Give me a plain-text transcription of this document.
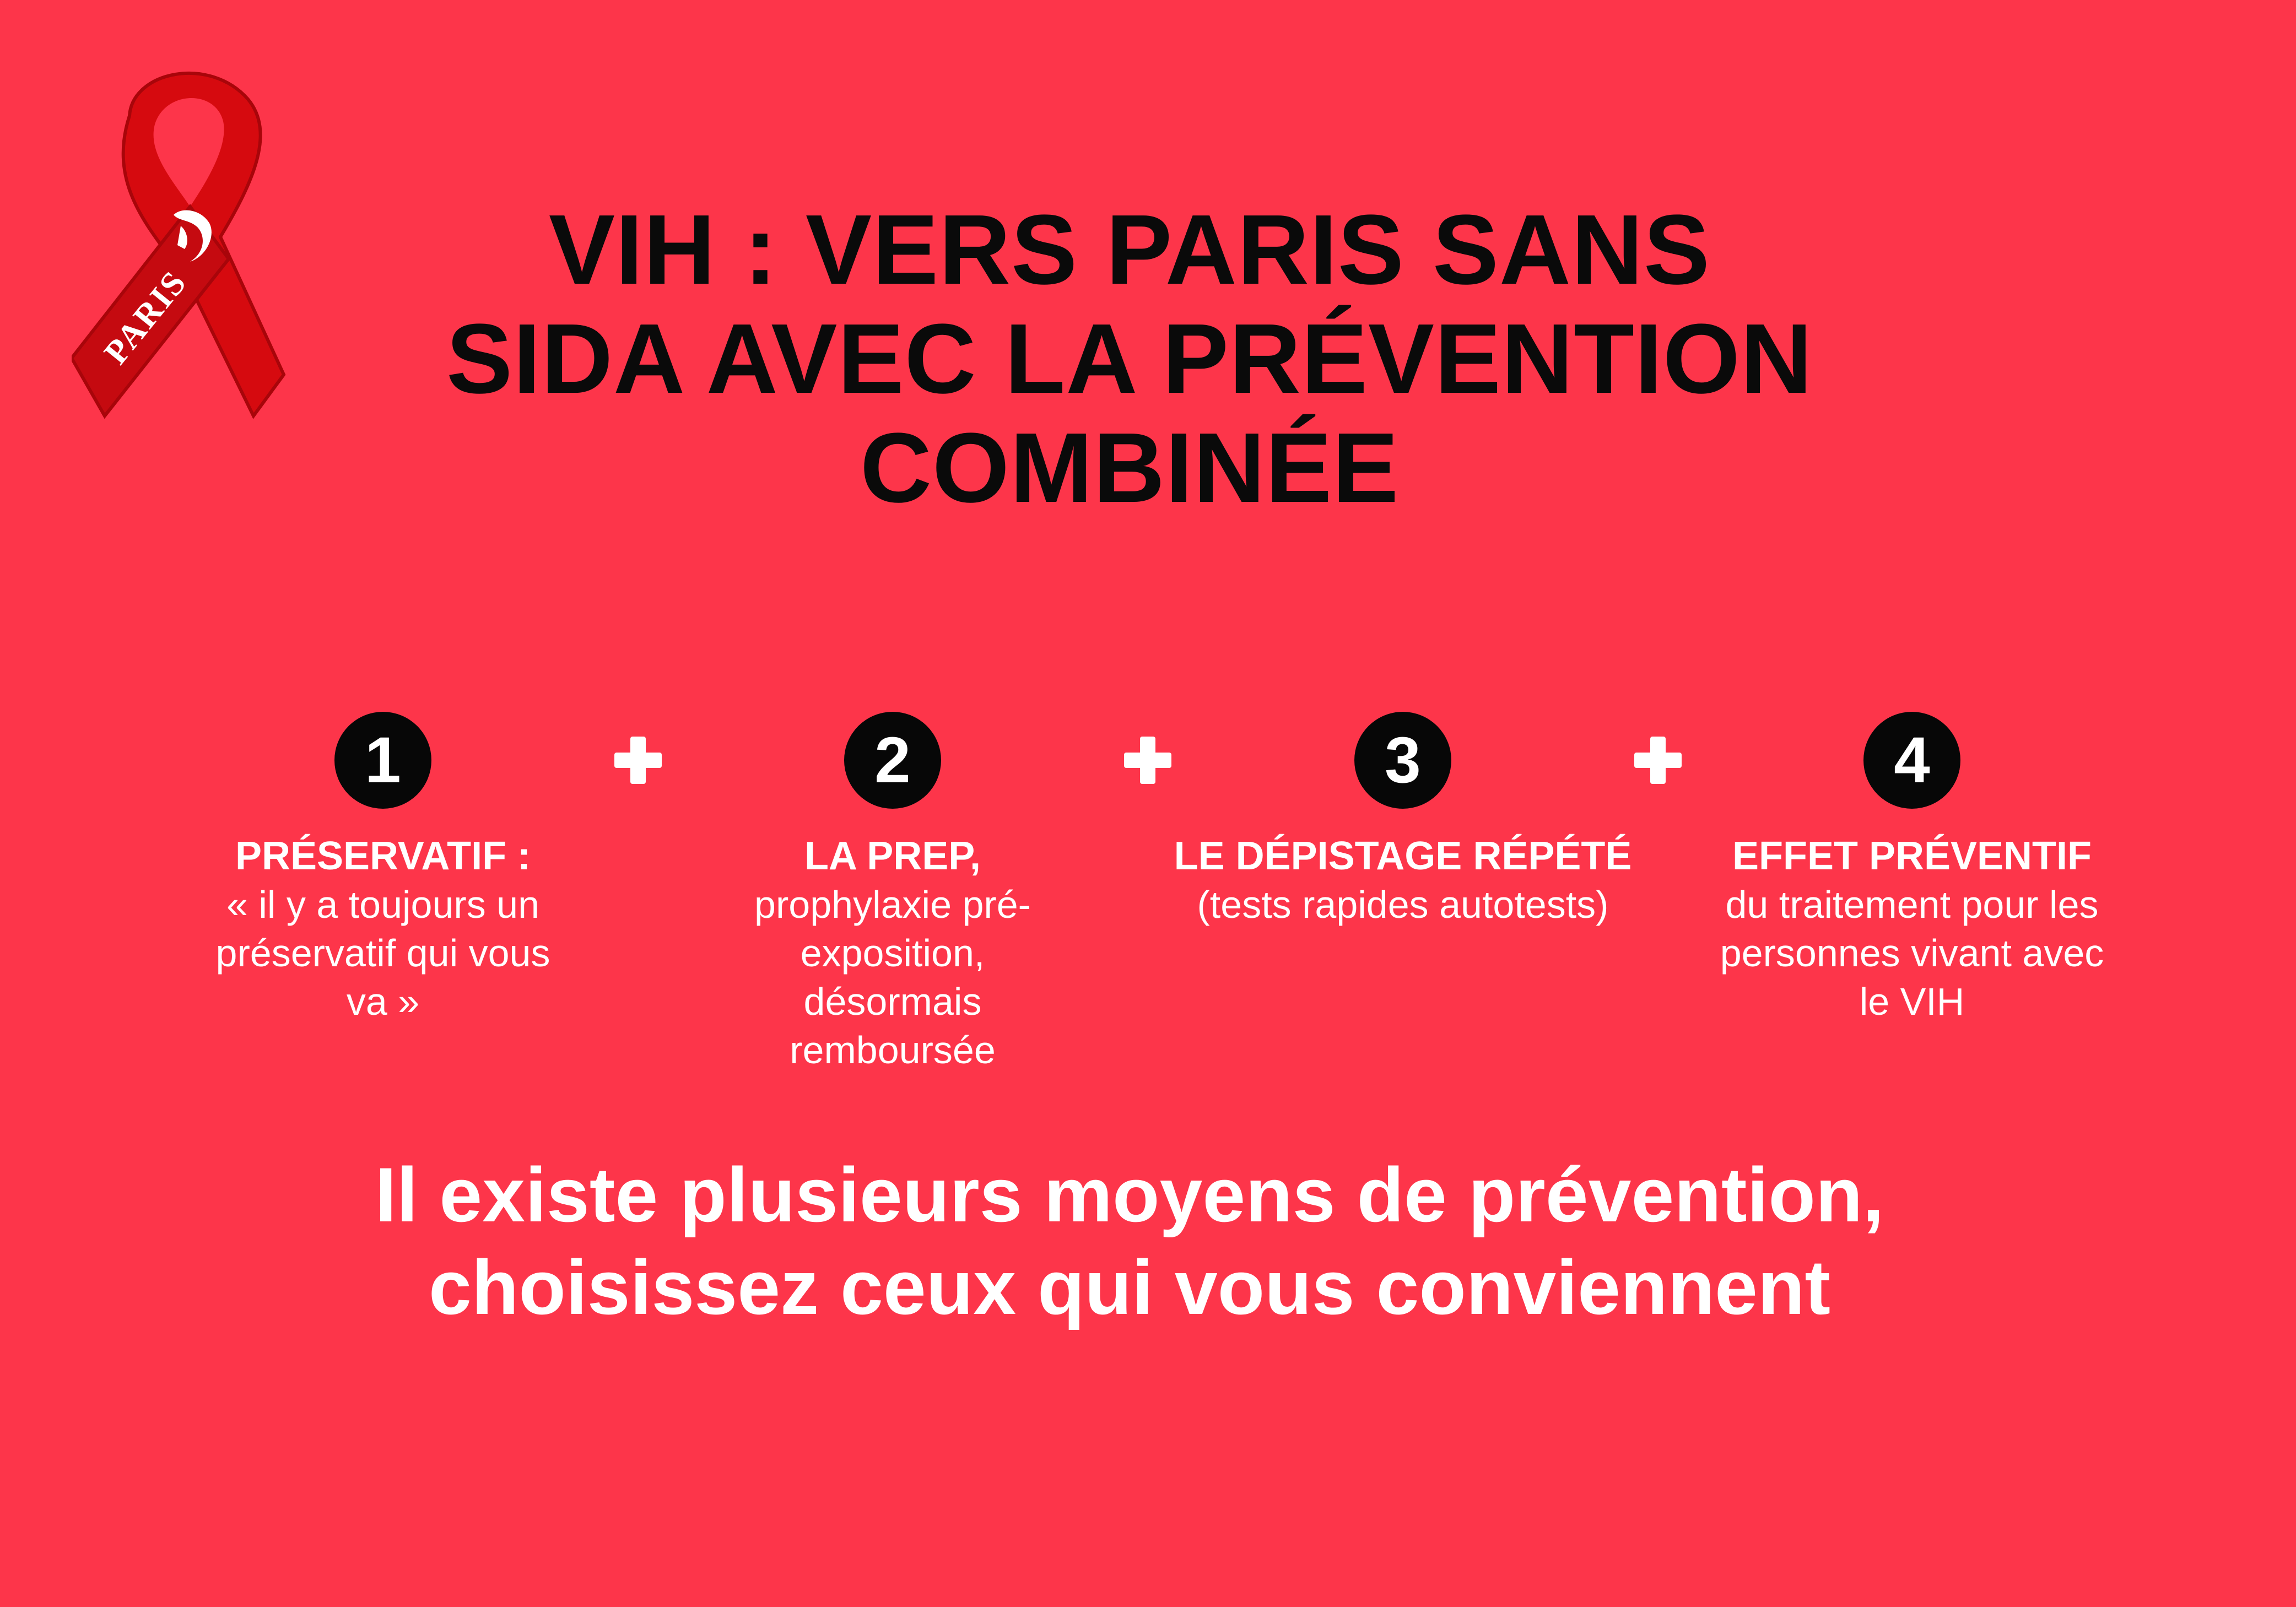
PARIS
VIH : VERS PARIS SANS
SIDA AVEC LA PRÉVENTION
COMBINÉE
1	2	3	4
PRÉSERVATIF :
« il y a toujours un préservatif qui vous va »
LA PREP,
prophylaxie pré-exposition, désormais remboursée
LE DÉPISTAGE RÉPÉTÉ
(tests rapides autotests)
EFFET PRÉVENTIF
du traitement pour les personnes vivant avec le VIH
Il existe plusieurs moyens de prévention,
choisissez ceux qui vous conviennent
